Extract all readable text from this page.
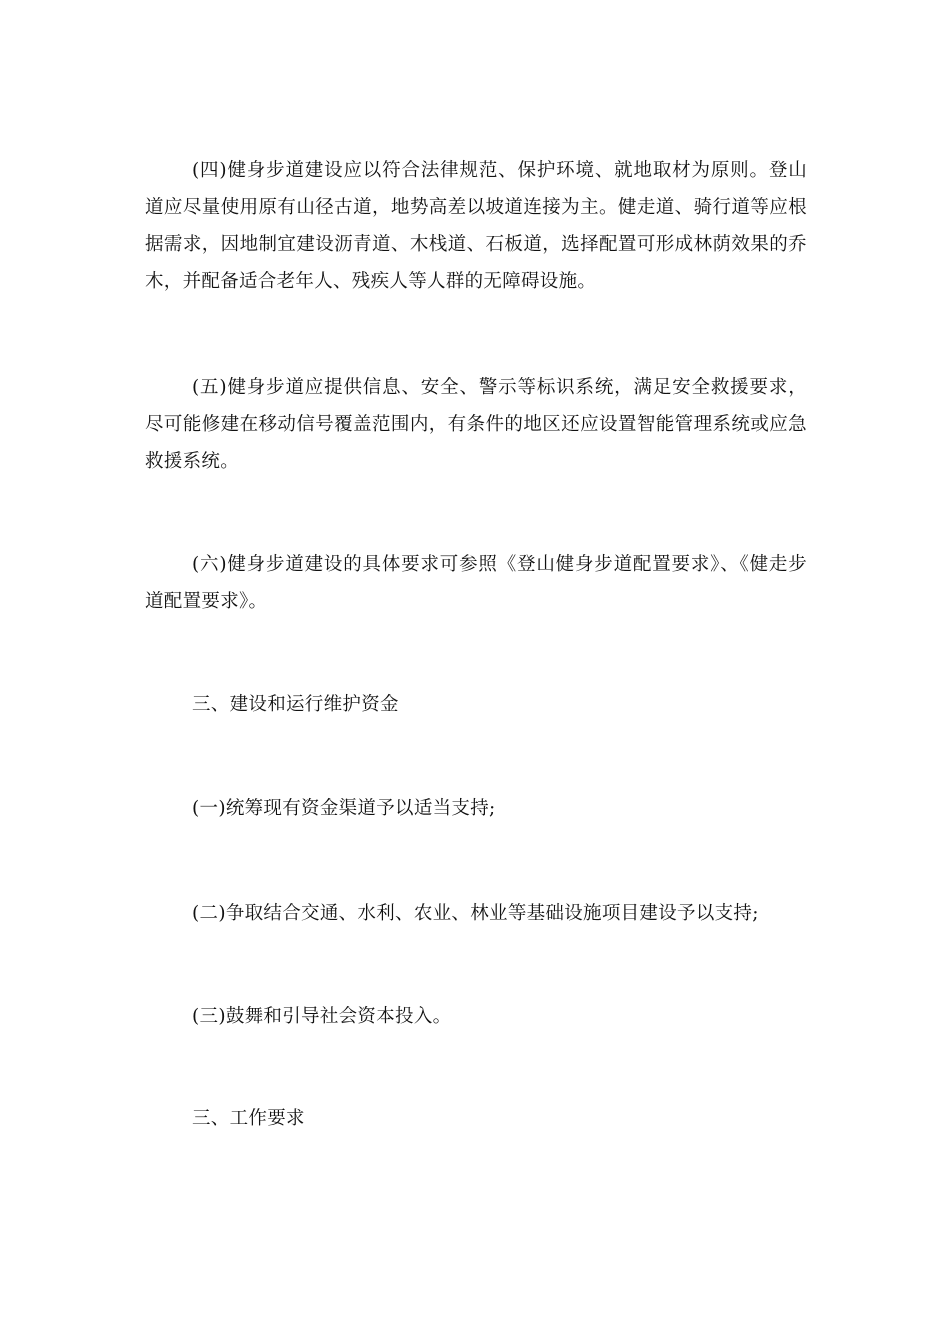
(四)健身步道建设应以符合法律规范、保护环境、就地取材为原则。登山道应尽量使用原有山径古道，地势高差以坡道连接为主。健走道、骑行道等应根据需求，因地制宜建设沥青道、木栈道、石板道，选择配置可形成林荫效果的乔木，并配备适合老年人、残疾人等人群的无障碍设施。

(五)健身步道应提供信息、安全、警示等标识系统，满足安全救援要求，尽可能修建在移动信号覆盖范围内，有条件的地区还应设置智能管理系统或应急救援系统。

(六)健身步道建设的具体要求可参照《登山健身步道配置要求》、《健走步道配置要求》。

三、建设和运行维护资金

(一)统筹现有资金渠道予以适当支持;

(二)争取结合交通、水利、农业、林业等基础设施项目建设予以支持;

(三)鼓舞和引导社会资本投入。

三、工作要求
